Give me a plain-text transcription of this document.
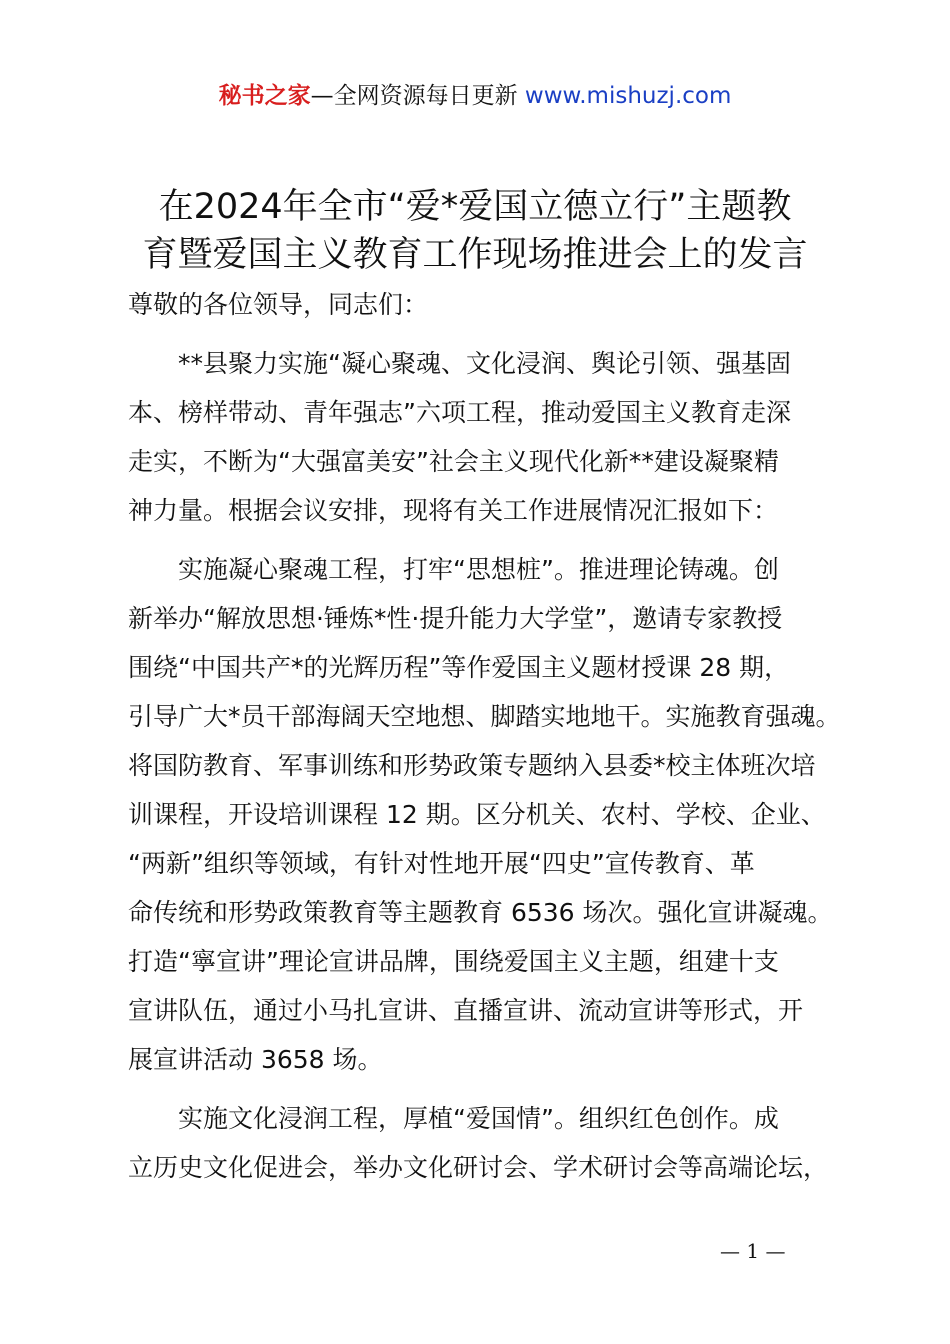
秘书之家—全网资源每日更新 www.mishuzj.com
在2024年全市“爱*爱国立德立行”主题教
育暨爱国主义教育工作现场推进会上的发言
尊敬的各位领导，同志们：
　　**县聚力实施“凝心聚魂、文化浸润、舆论引领、强基固
本、榜样带动、青年强志”六项工程，推动爱国主义教育走深
走实，不断为“大强富美安”社会主义现代化新**建设凝聚精
神力量。根据会议安排，现将有关工作进展情况汇报如下：
　　实施凝心聚魂工程，打牢“思想桩”。推进理论铸魂。创
新举办“解放思想·锤炼*性·提升能力大学堂”，邀请专家教授
围绕“中国共产*的光辉历程”等作爱国主义题材授课 28 期，
引导广大*员干部海阔天空地想、脚踏实地地干。实施教育强魂。
将国防教育、军事训练和形势政策专题纳入县委*校主体班次培
训课程，开设培训课程 12 期。区分机关、农村、学校、企业、
“两新”组织等领域，有针对性地开展“四史”宣传教育、革
命传统和形势政策教育等主题教育 6536 场次。强化宣讲凝魂。
打造“寧宣讲”理论宣讲品牌，围绕爱国主义主题，组建十支
宣讲队伍，通过小马扎宣讲、直播宣讲、流动宣讲等形式，开
展宣讲活动 3658 场。
　　实施文化浸润工程，厚植“爱国情”。组织红色创作。成
立历史文化促进会，举办文化研讨会、学术研讨会等高端论坛，
— 1 —
